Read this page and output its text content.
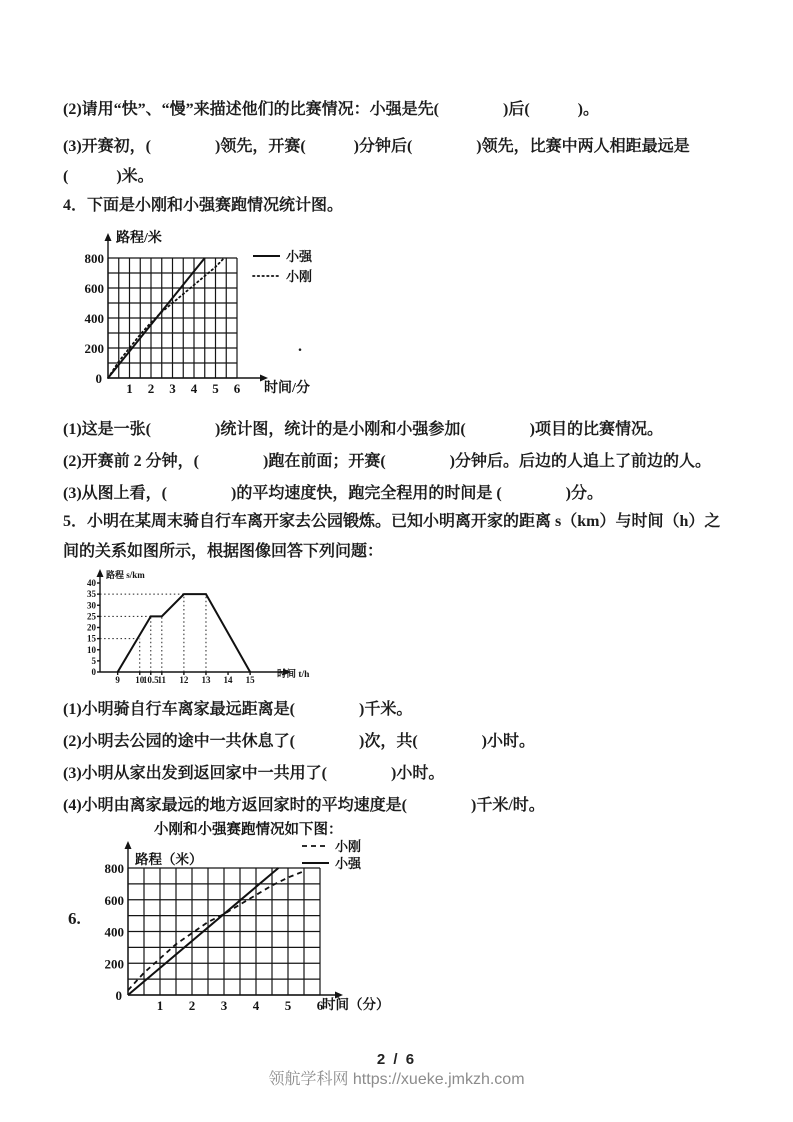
(2)请用“快”、“慢”来描述他们的比赛情况：小强是先(　　　　)后(　　　)。
(3)开赛初，(　　　　)领先，开赛(　　　)分钟后(　　　　)领先，比赛中两人相距最远是
(　　　)米。
4．下面是小刚和小强赛跑情况统计图。
1 2 3 4 5 6
200
400
600
800
0
路程/米
时间/分
小强
小刚
.
(1)这是一张(　　　　)统计图，统计的是小刚和小强参加(　　　　)项目的比赛情况。
(2)开赛前 2 分钟，(　　　　)跑在前面；开赛(　　　　)分钟后。后边的人追上了前边的人。
(3)从图上看，(　　　　)的平均速度快，跑完全程用的时间是 (　　　　)分。
5．小明在某周末骑自行车离开家去公园锻炼。已知小明离开家的距离 s（km）与时间（h）之
间的关系如图所示，根据图像回答下列问题：
9 10
10.5
11 12 13 14 15
0
5
10
15
20
25
30
35
40
路程 s/km
时间 t/h
(1)小明骑自行车离家最远距离是(　　　　)千米。
(2)小明去公园的途中一共休息了(　　　　)次，共(　　　　)小时。
(3)小明从家出发到返回家中一共用了(　　　　)小时。
(4)小明由离家最远的地方返回家时的平均速度是(　　　　)千米/时。
6.
1 2 3 4 5 6
200
400
600
800
0
路程（米）
时间（分）
小刚和小强赛跑情况如下图：
小刚
小强
2 / 6
领航学科网 https://xueke.jmkzh.com
